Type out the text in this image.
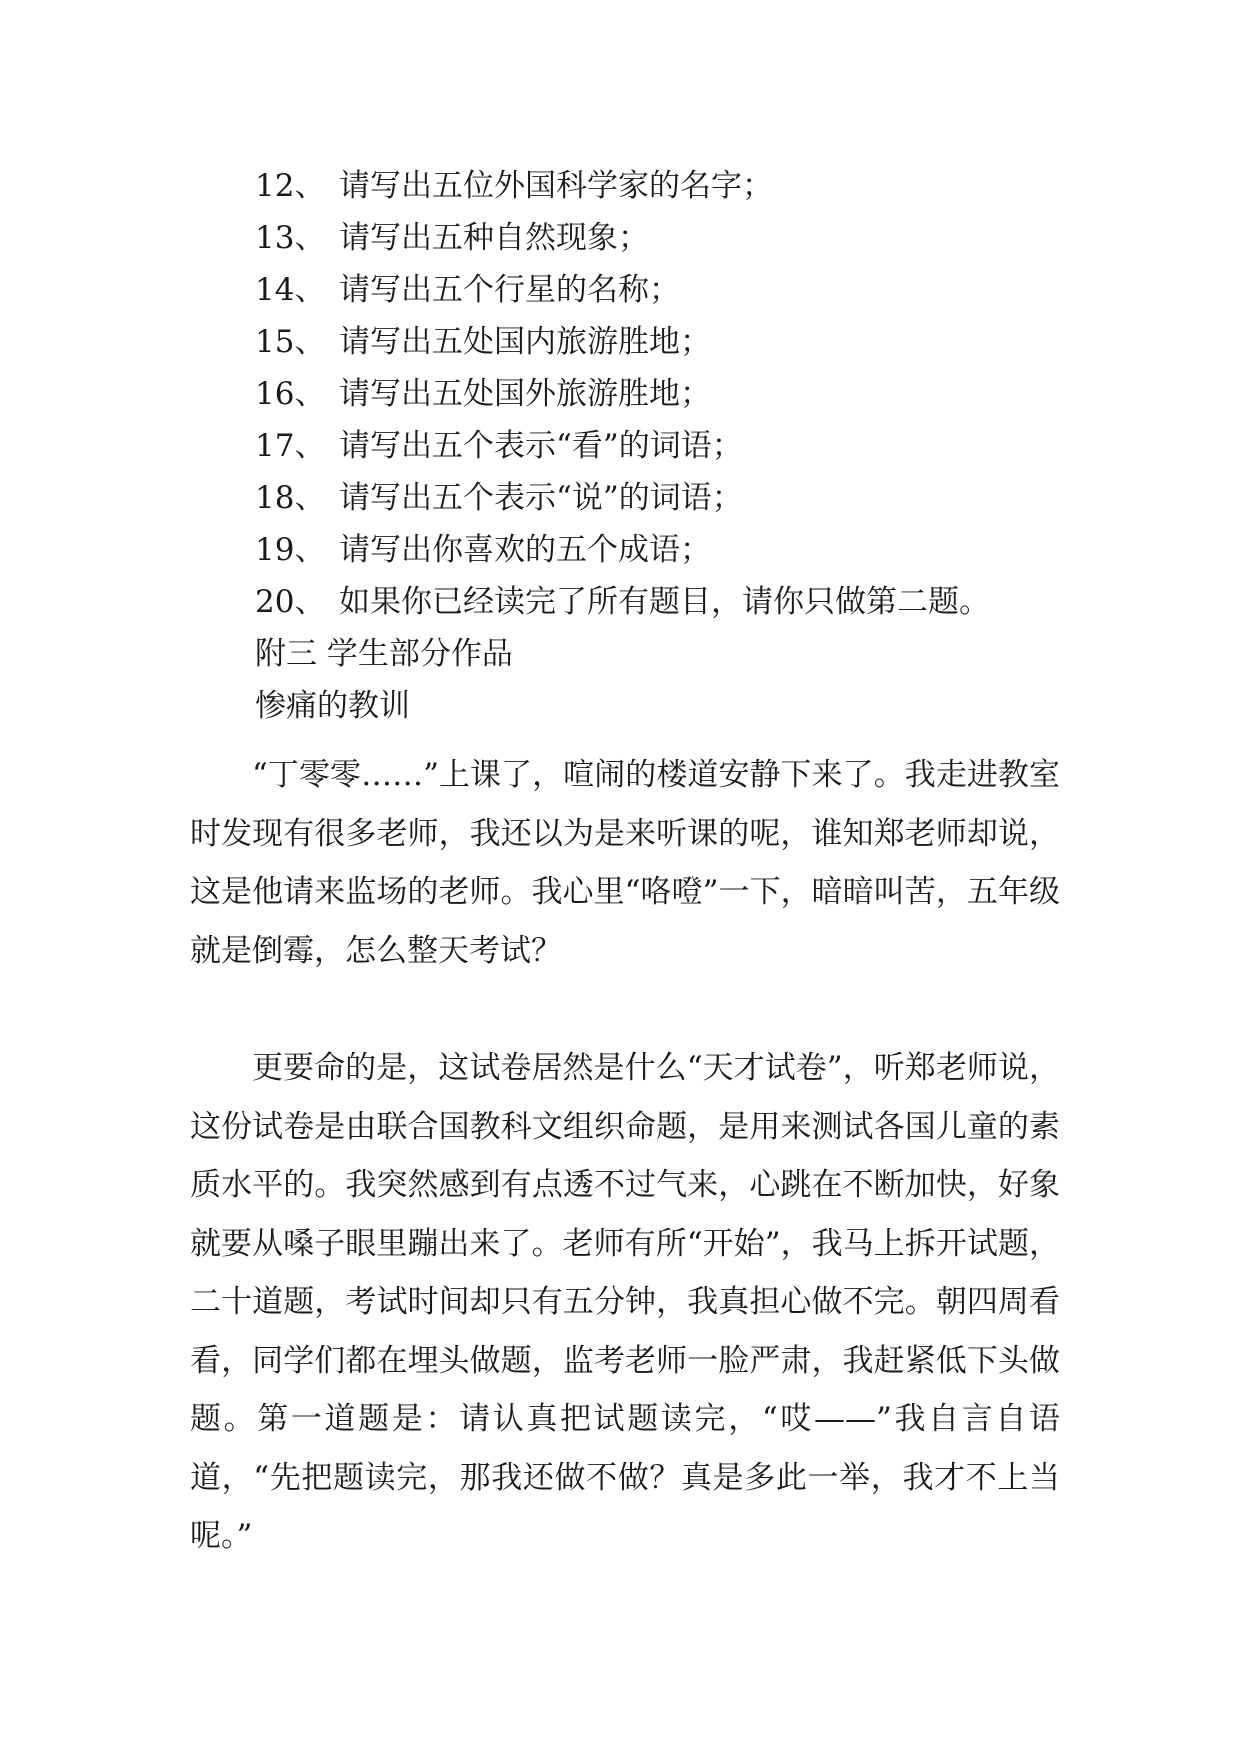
12、 请写出五位外国科学家的名字；
13、 请写出五种自然现象；
14、 请写出五个行星的名称；
15、 请写出五处国内旅游胜地；
16、 请写出五处国外旅游胜地；
17、 请写出五个表示“看”的词语；
18、 请写出五个表示“说”的词语；
19、 请写出你喜欢的五个成语；
20、 如果你已经读完了所有题目，请你只做第二题。
附三 学生部分作品
惨痛的教训

“丁零零……”上课了，喧闹的楼道安静下来了。我走进教室时发现有很多老师，我还以为是来听课的呢，谁知郑老师却说，这是他请来监场的老师。我心里“咯噔”一下，暗暗叫苦，五年级就是倒霉，怎么整天考试？

更要命的是，这试卷居然是什么“天才试卷”，听郑老师说，这份试卷是由联合国教科文组织命题，是用来测试各国儿童的素质水平的。我突然感到有点透不过气来，心跳在不断加快，好象就要从嗓子眼里蹦出来了。老师有所“开始”，我马上拆开试题，二十道题，考试时间却只有五分钟，我真担心做不完。朝四周看看，同学们都在埋头做题，监考老师一脸严肃，我赶紧低下头做题。第一道题是：请认真把试题读完，“哎——”我自言自语道，“先把题读完，那我还做不做？真是多此一举，我才不上当呢。”
